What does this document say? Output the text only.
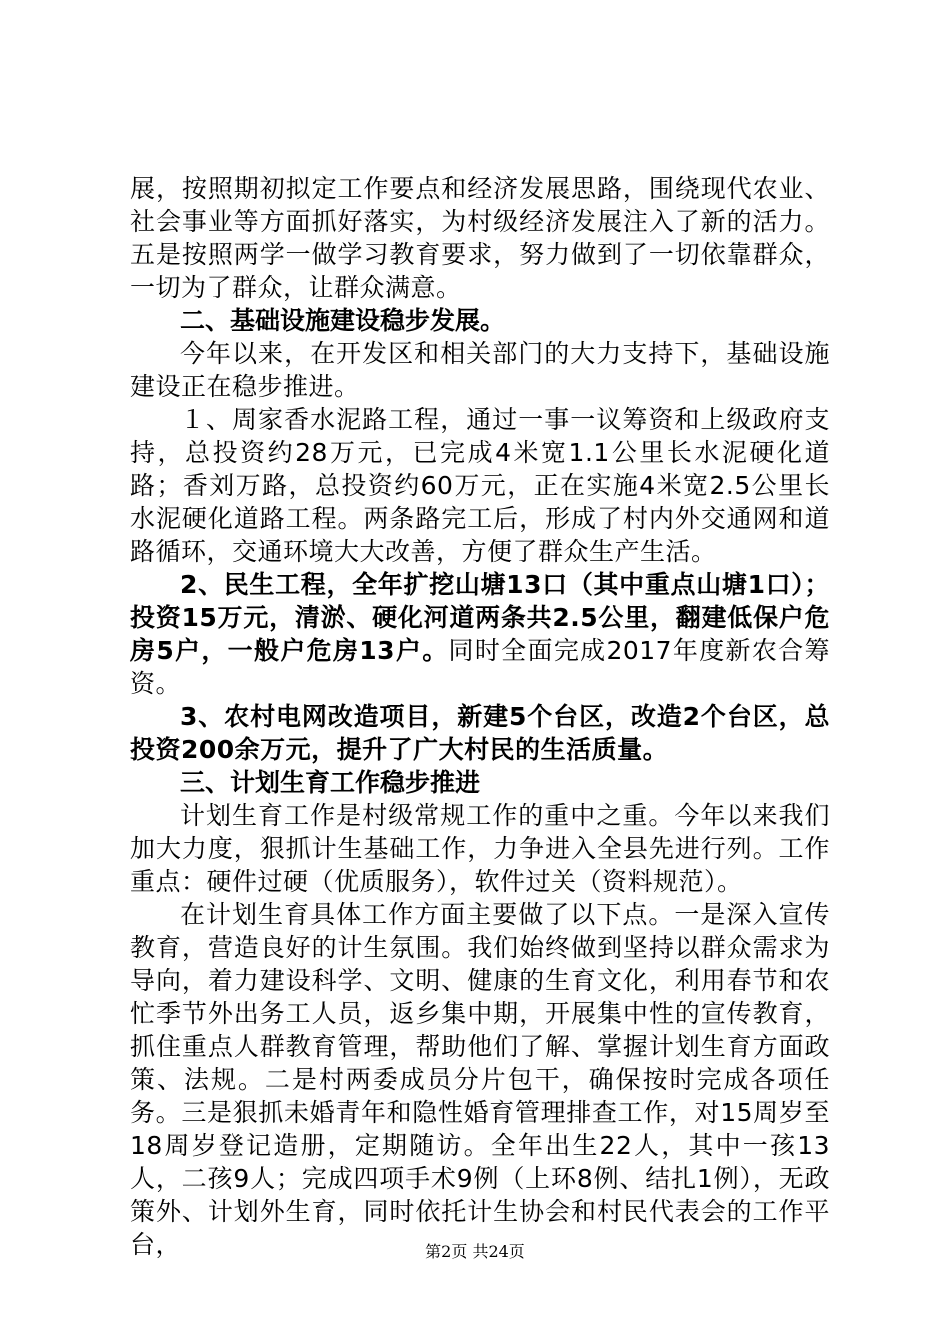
展，按照期初拟定工作要点和经济发展思路，围绕现代农业、社会事业等方面抓好落实，为村级经济发展注入了新的活力。五是按照两学一做学习教育要求，努力做到了一切依靠群众，一切为了群众，让群众满意。

二、基础设施建设稳步发展。

今年以来，在开发区和相关部门的大力支持下，基础设施建设正在稳步推进。

１、周家香水泥路工程，通过一事一议筹资和上级政府支持，总投资约28万元，已完成4米宽1.1公里长水泥硬化道路；香刘万路，总投资约60万元，正在实施4米宽2.5公里长水泥硬化道路工程。两条路完工后，形成了村内外交通网和道路循环，交通环境大大改善，方便了群众生产生活。

2、民生工程，全年扩挖山塘13口（其中重点山塘1口）；投资15万元，清淤、硬化河道两条共2.5公里，翻建低保户危房5户，一般户危房13户。同时全面完成2017年度新农合筹资。

3、农村电网改造项目，新建5个台区，改造2个台区，总投资200余万元，提升了广大村民的生活质量。

三、计划生育工作稳步推进

计划生育工作是村级常规工作的重中之重。今年以来我们加大力度，狠抓计生基础工作，力争进入全县先进行列。工作重点：硬件过硬（优质服务），软件过关（资料规范）。

在计划生育具体工作方面主要做了以下点。一是深入宣传教育，营造良好的计生氛围。我们始终做到坚持以群众需求为导向，着力建设科学、文明、健康的生育文化，利用春节和农忙季节外出务工人员，返乡集中期，开展集中性的宣传教育，抓住重点人群教育管理，帮助他们了解、掌握计划生育方面政策、法规。二是村两委成员分片包干，确保按时完成各项任务。三是狠抓未婚青年和隐性婚育管理排查工作，对15周岁至18周岁登记造册，定期随访。全年出生22人，其中一孩13人，二孩9人；完成四项手术9例（上环8例、结扎1例），无政策外、计划外生育，同时依托计生协会和村民代表会的工作平台，	第2页 共24页
